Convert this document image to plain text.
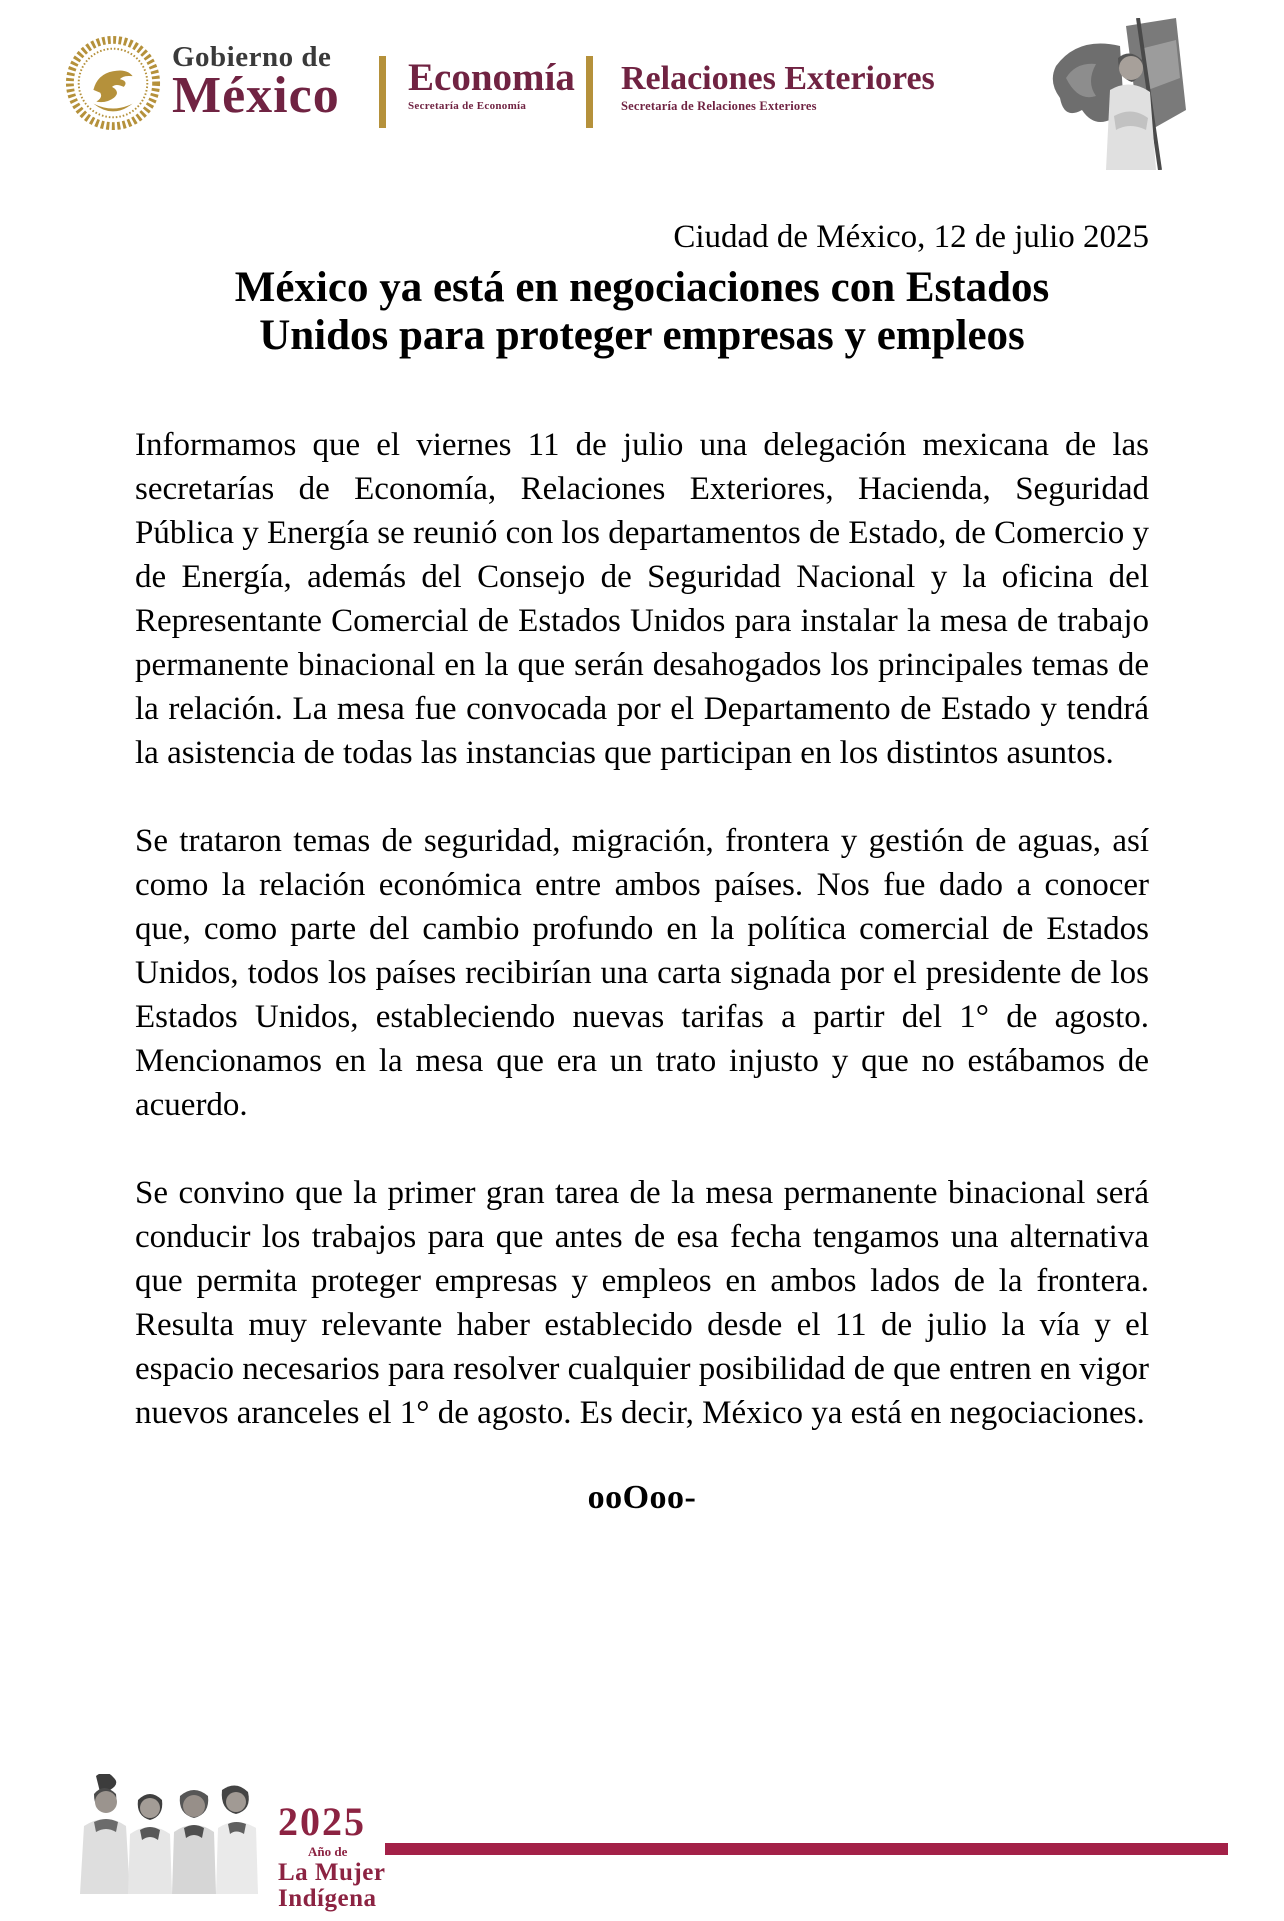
Gobierno de
México Economía
Secretaría de Economía
Relaciones Exteriores
Secretaría de Relaciones Exteriores
Ciudad de México, 12 de julio 2025
México ya está en negociaciones con Estados
Unidos para proteger empresas y empleos

Informamos que el viernes 11 de julio una delegación mexicana de las secretarías de Economía, Relaciones Exteriores, Hacienda, Seguridad Pública y Energía se reunió con los departamentos de Estado, de Comercio y de Energía, además del Consejo de Seguridad Nacional y la oficina del Representante Comercial de Estados Unidos para instalar la mesa de trabajo permanente binacional en la que serán desahogados los principales temas de la relación. La mesa fue convocada por el Departamento de Estado y tendrá la asistencia de todas las instancias que participan en los distintos asuntos.

Se trataron temas de seguridad, migración, frontera y gestión de aguas, así como la relación económica entre ambos países. Nos fue dado a conocer que, como parte del cambio profundo en la política comercial de Estados Unidos, todos los países recibirían una carta signada por el presidente de los Estados Unidos, estableciendo nuevas tarifas a partir del 1° de agosto. Mencionamos en la mesa que era un trato injusto y que no estábamos de acuerdo.

Se convino que la primer gran tarea de la mesa permanente binacional será conducir los trabajos para que antes de esa fecha tengamos una alternativa que permita proteger empresas y empleos en ambos lados de la frontera. Resulta muy relevante haber establecido desde el 11 de julio la vía y el espacio necesarios para resolver cualquier posibilidad de que entren en vigor nuevos aranceles el 1° de agosto. Es decir, México ya está en negociaciones.

ooOoo-
2025
Año de
La Mujer
Indígena
